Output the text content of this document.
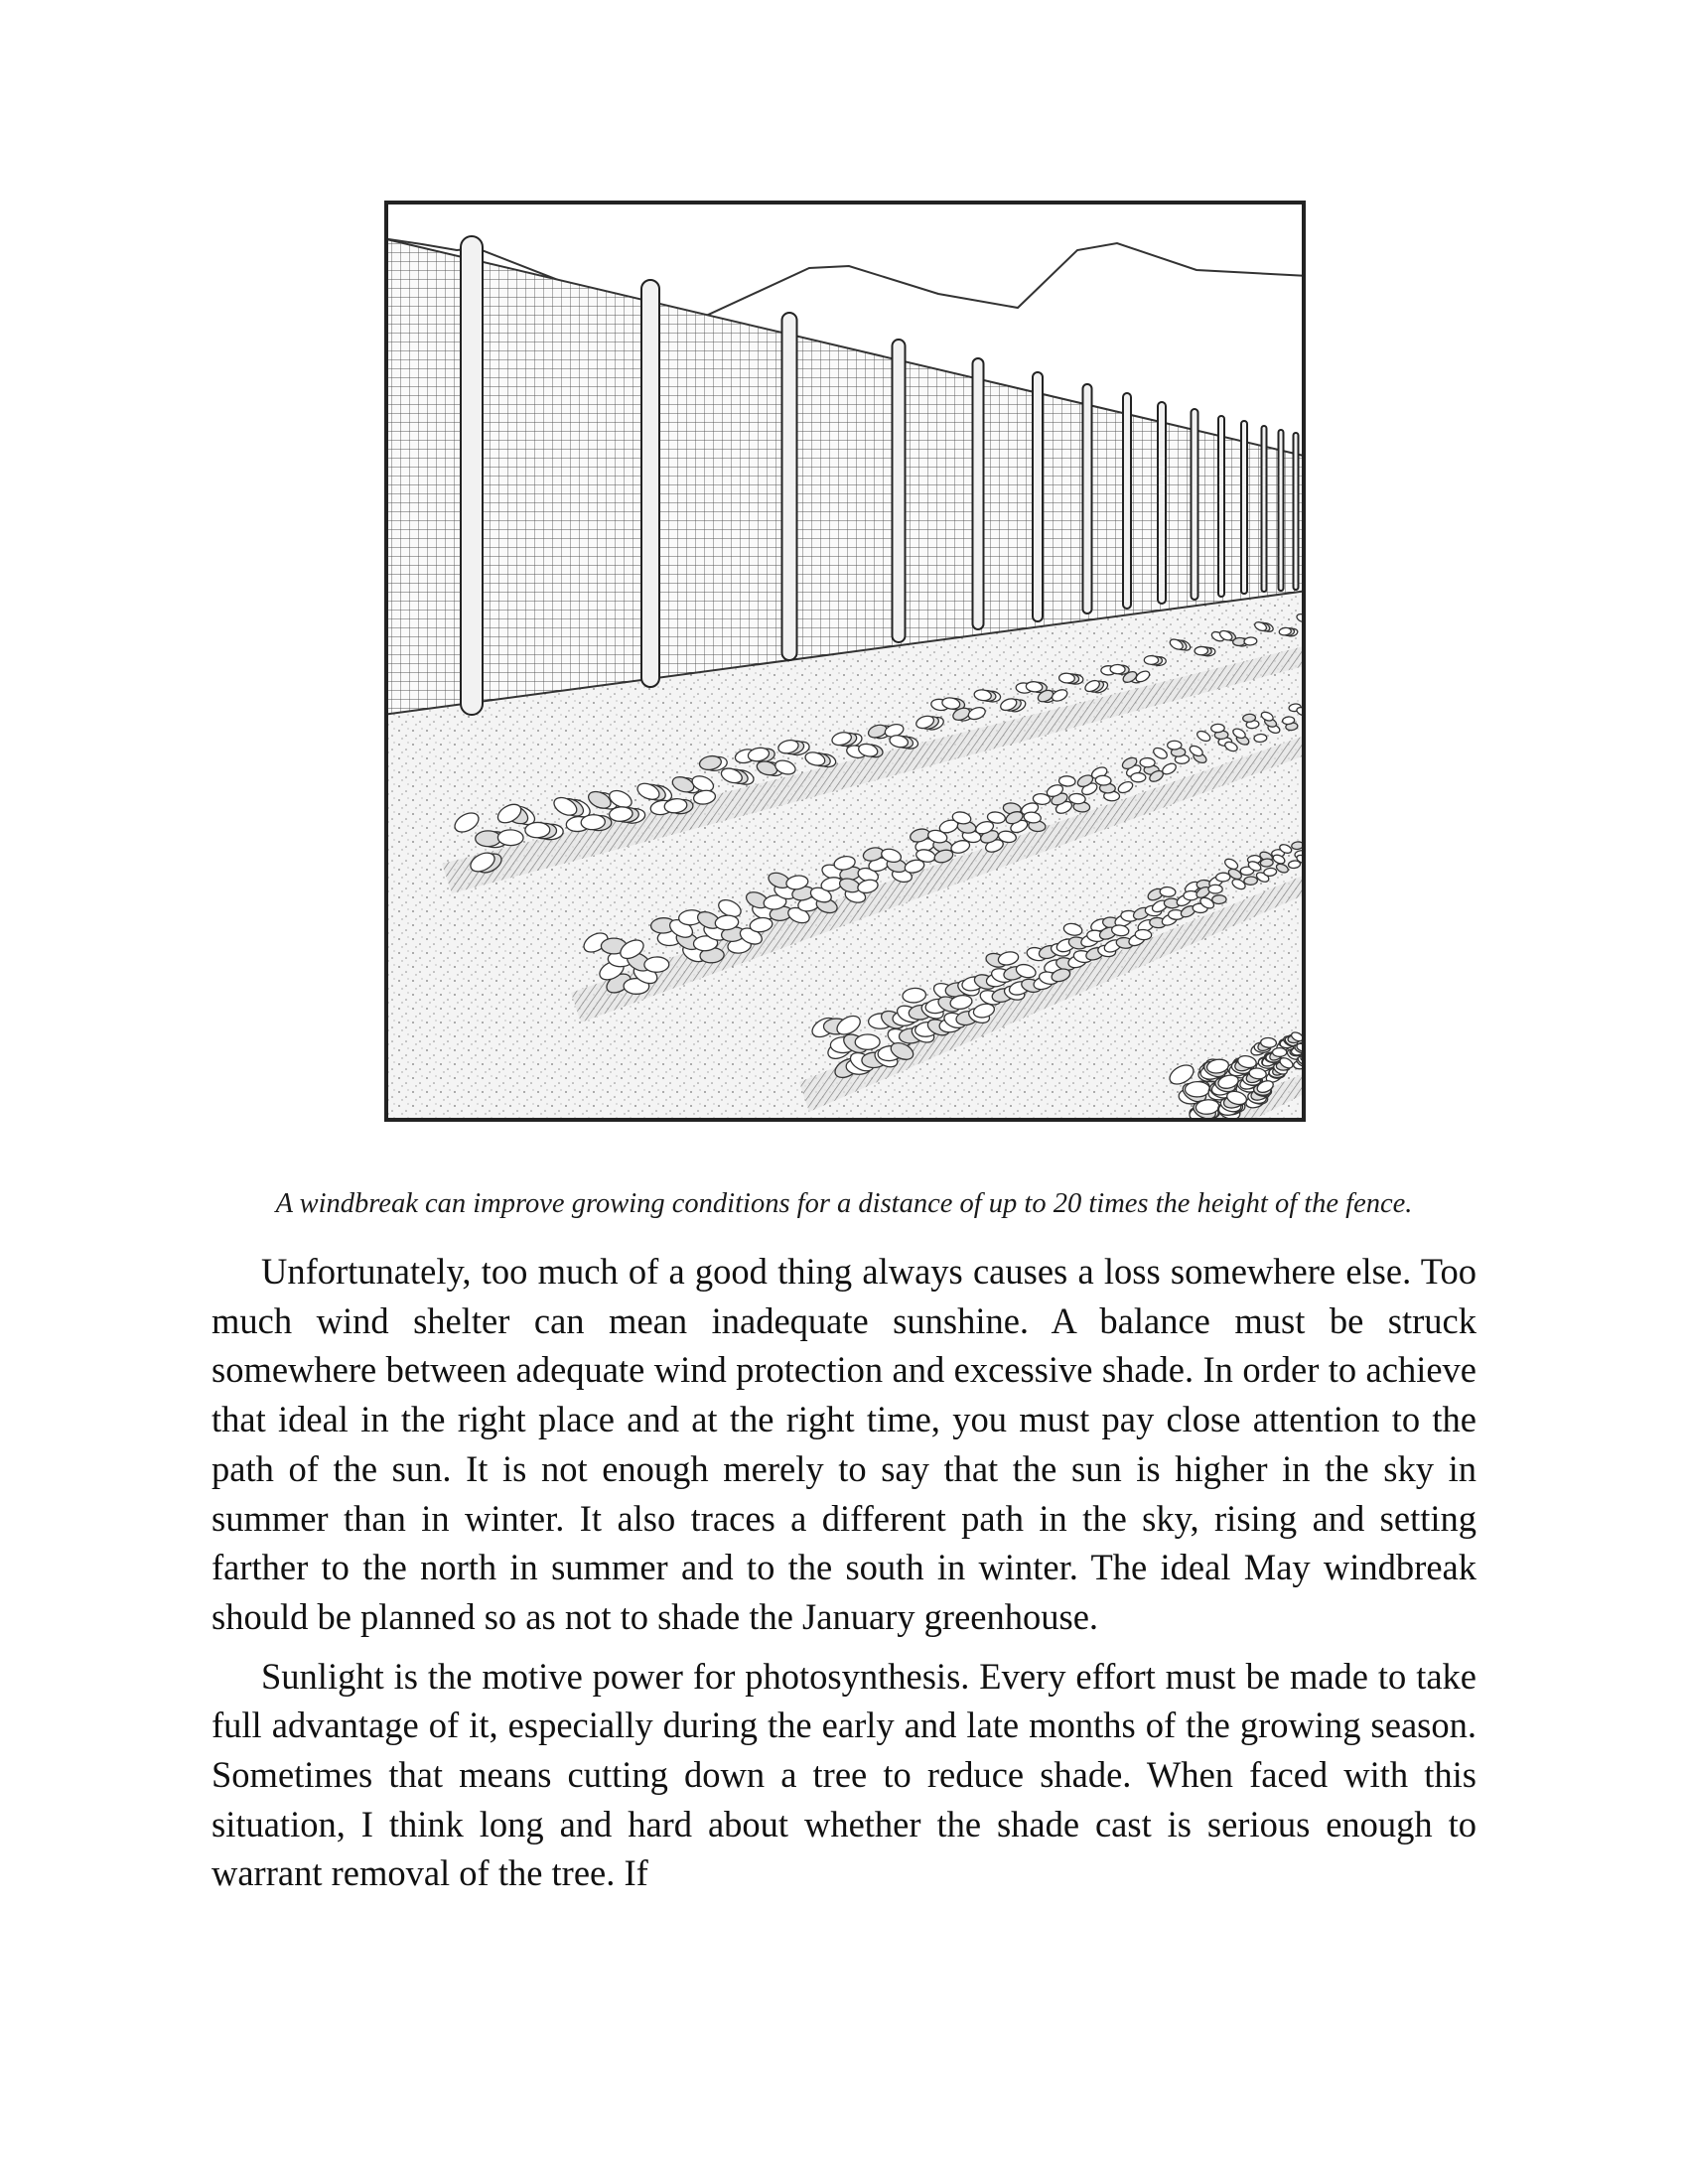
A windbreak can improve growing conditions for a distance of up to 20 times the height of the fence.

Unfortunately, too much of a good thing always causes a loss somewhere else. Too much wind shelter can mean inadequate sunshine. A balance must be struck somewhere between adequate wind protection and excessive shade. In order to achieve that ideal in the right place and at the right time, you must pay close attention to the path of the sun. It is not enough merely to say that the sun is higher in the sky in summer than in winter. It also traces a different path in the sky, rising and setting farther to the north in summer and to the south in winter. The ideal May windbreak should be planned so as not to shade the January greenhouse.

Sunlight is the motive power for photosynthesis. Every effort must be made to take full advantage of it, especially during the early and late months of the growing season. Sometimes that means cutting down a tree to reduce shade. When faced with this situation, I think long and hard about whether the shade cast is serious enough to warrant removal of the tree. If
